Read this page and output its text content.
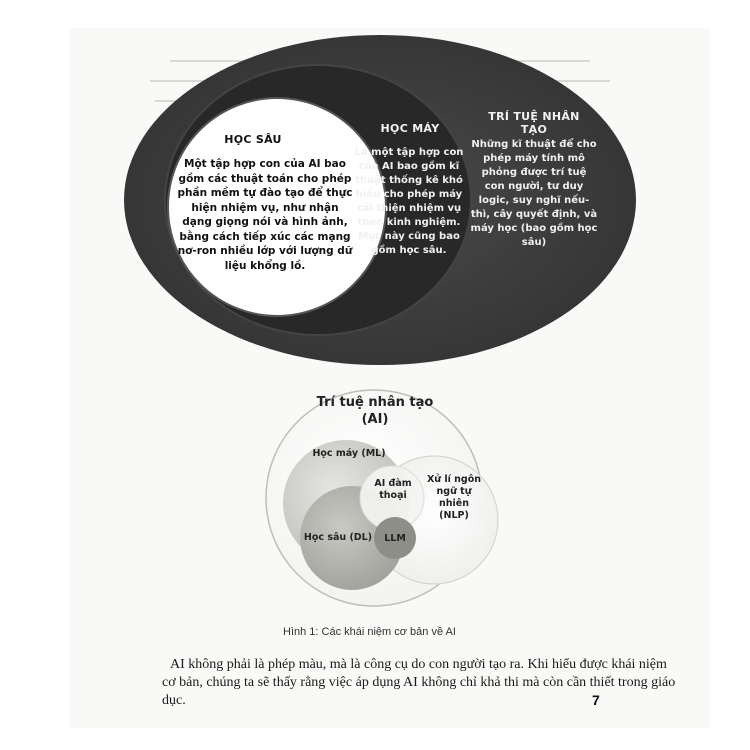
HỌC SÂU
Một tập hợp con của AI bao gồm các thuật toán cho phép phần mềm tự đào tạo để thực hiện nhiệm vụ, như nhận dạng giọng nói và hình ảnh, bằng cách tiếp xúc các mạng nơ-ron nhiều lớp với lượng dữ liệu khổng lồ.
HỌC MÁY
Là một tập hợp con của AI bao gồm kĩ thuật thống kê khó hiểu cho phép máy cải thiện nhiệm vụ theo kinh nghiệm. Mục này cũng bao gồm học sâu.
TRÍ TUỆ NHÂN TẠO
Những kĩ thuật để cho phép máy tính mô phỏng được trí tuệ con người, tư duy logic, suy nghĩ nếu-thì, cây quyết định, và máy học (bao gồm học sâu)
Trí tuệ nhân tạo (AI)
Học máy (ML)
AI đàm thoại
Xử lí ngôn ngữ tự nhiên (NLP)
Học sâu (DL)	LLM
Hình 1: Các khái niệm cơ bản về AI
AI không phải là phép màu, mà là công cụ do con người tạo ra. Khi hiểu được khái niệm cơ bản, chúng ta sẽ thấy rằng việc áp dụng AI không chỉ khả thi mà còn cần thiết trong giáo dục.	7
